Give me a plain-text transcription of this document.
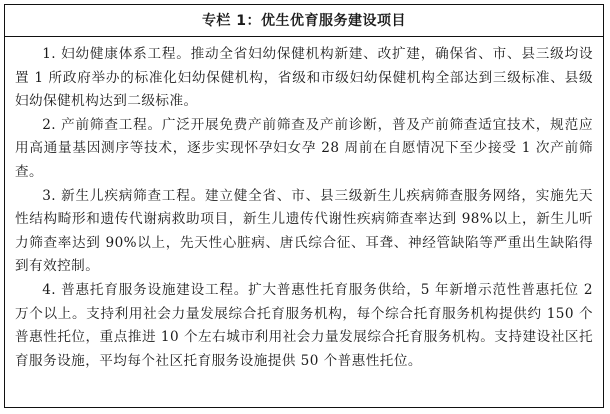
专栏 1：优生优育服务建设项目

1. 妇幼健康体系工程。推动全省妇幼保健机构新建、改扩建，确保省、市、县三级均设置 1 所政府举办的标准化妇幼保健机构，省级和市级妇幼保健机构全部达到三级标准、县级妇幼保健机构达到二级标准。

2. 产前筛查工程。广泛开展免费产前筛查及产前诊断，普及产前筛查适宜技术，规范应用高通量基因测序等技术，逐步实现怀孕妇女孕 28 周前在自愿情况下至少接受 1 次产前筛查。

3. 新生儿疾病筛查工程。建立健全省、市、县三级新生儿疾病筛查服务网络，实施先天性结构畸形和遗传代谢病救助项目，新生儿遗传代谢性疾病筛查率达到 98%以上，新生儿听力筛查率达到 90%以上，先天性心脏病、唐氏综合征、耳聋、神经管缺陷等严重出生缺陷得到有效控制。

4. 普惠托育服务设施建设工程。扩大普惠性托育服务供给，5 年新增示范性普惠托位 2 万个以上。支持利用社会力量发展综合托育服务机构，每个综合托育服务机构提供约 150 个普惠性托位，重点推进 10 个左右城市利用社会力量发展综合托育服务机构。支持建设社区托育服务设施，平均每个社区托育服务设施提供 50 个普惠性托位。
